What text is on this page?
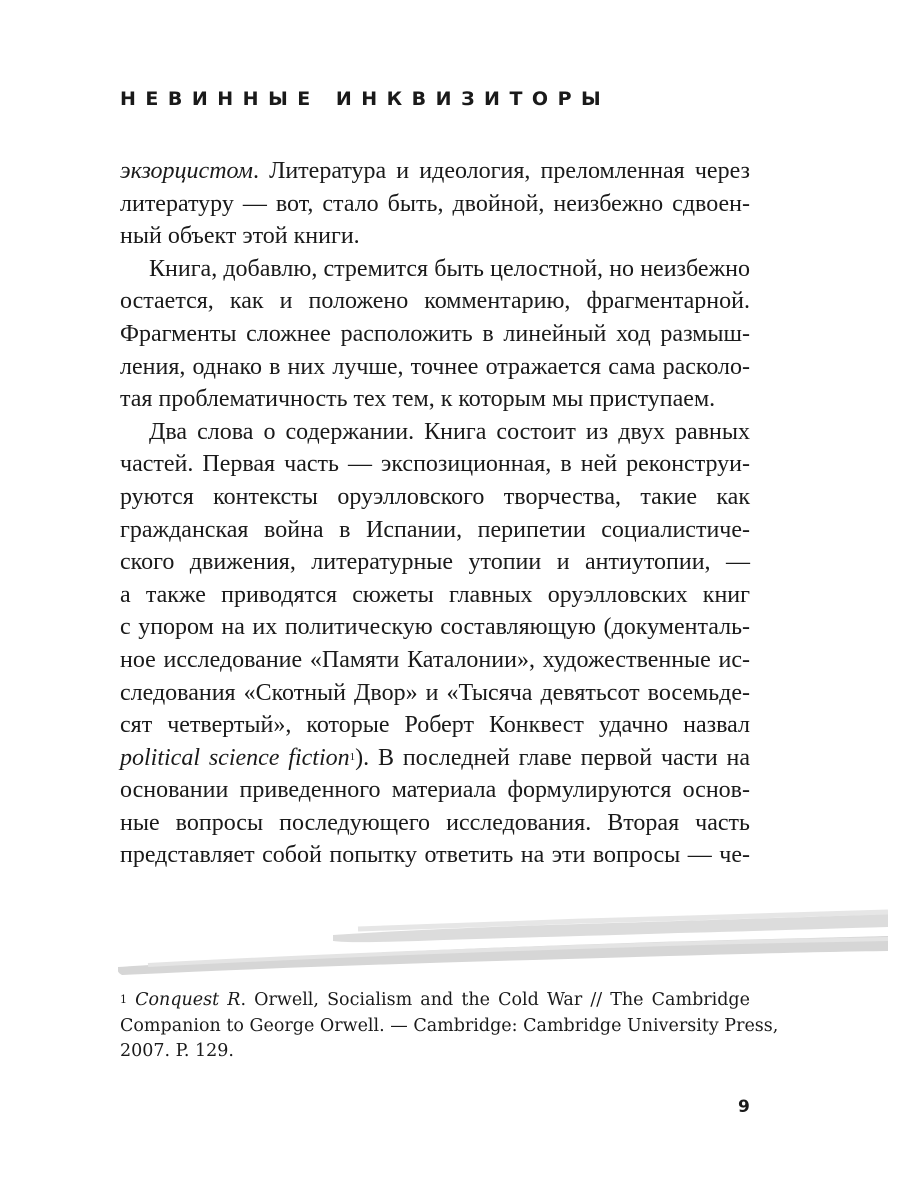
НЕВИННЫЕ ИНКВИЗИТОРЫ
экзорцистом. Литература и идеология, преломленная через
литературу — вот, стало быть, двойной, неизбежно сдвоен-
ный объект этой книги.
Книга, добавлю, стремится быть целостной, но неизбежно
остается, как и положено комментарию, фрагментарной.
Фрагменты сложнее расположить в линейный ход размыш-
ления, однако в них лучше, точнее отражается сама расколо-
тая проблематичность тех тем, к которым мы приступаем.
Два слова о содержании. Книга состоит из двух равных
частей. Первая часть — экспозиционная, в ней реконструи-
руются контексты оруэлловского творчества, такие как
гражданская война в Испании, перипетии социалистиче-
ского движения, литературные утопии и антиутопии, —
а также приводятся сюжеты главных оруэлловских книг
с упором на их политическую составляющую (документаль-
ное исследование «Памяти Каталонии», художественные ис-
следования «Скотный Двор» и «Тысяча девятьсот восемьде-
сят четвертый», которые Роберт Конквест удачно назвал
political science fiction$^1$). В последней главе первой части на
основании приведенного материала формулируются основ-
ные вопросы последующего исследования. Вторая часть
представляет собой попытку ответить на эти вопросы — че-
$^1$ Conquest R. Orwell, Socialism and the Cold War // The Cambridge
Companion to George Orwell. — Cambridge: Cambridge University Press,
2007. P. 129.
9
